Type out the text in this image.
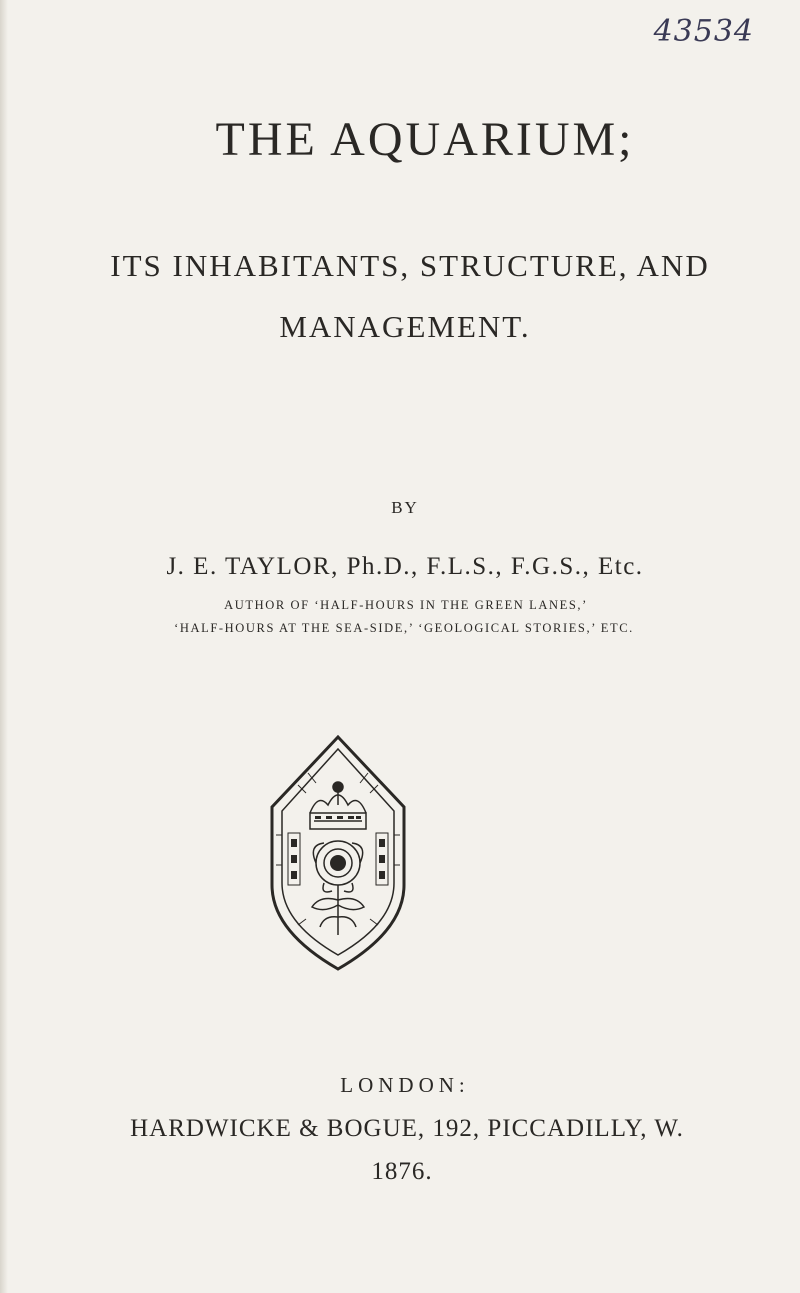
43534
THE AQUARIUM;
ITS INHABITANTS, STRUCTURE, AND
MANAGEMENT.
BY
J. E. TAYLOR, Ph.D., F.L.S., F.G.S., Etc.
AUTHOR OF ‘HALF-HOURS IN THE GREEN LANES,’
‘HALF-HOURS AT THE SEA-SIDE,’ ‘GEOLOGICAL STORIES,’ ETC.
LONDON:
HARDWICKE & BOGUE, 192, PICCADILLY, W.
1876.
